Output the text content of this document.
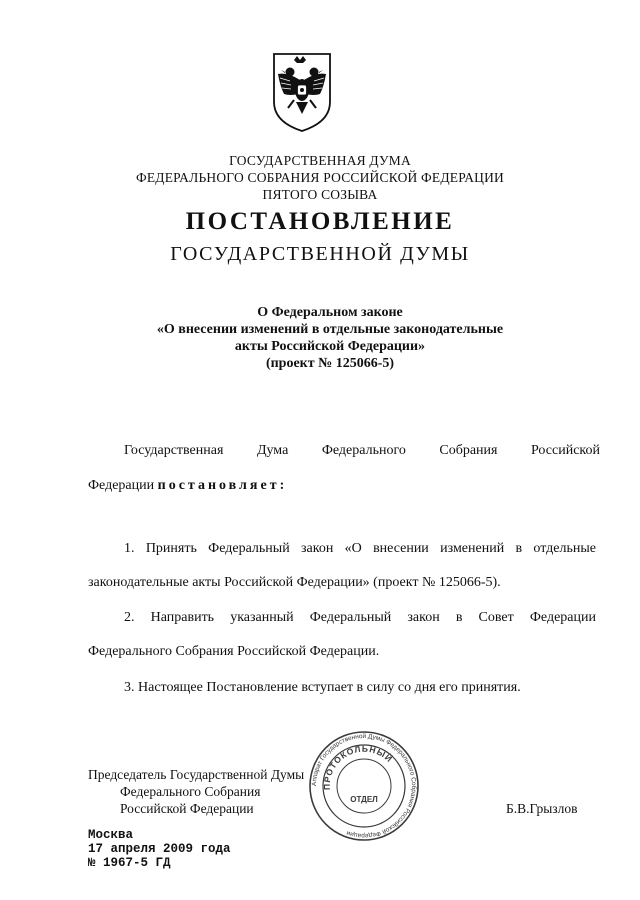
ГОСУДАРСТВЕННАЯ ДУМА
ФЕДЕРАЛЬНОГО СОБРАНИЯ РОССИЙСКОЙ ФЕДЕРАЦИИ
ПЯТОГО СОЗЫВА
ПОСТАНОВЛЕНИЕ
ГОСУДАРСТВЕННОЙ ДУМЫ
О Федеральном законе
«О внесении изменений в отдельные законодательные
акты Российской Федерации»
(проект № 125066-5)
Государственная Дума Федерального Собрания Российской
Федерации постановляет:
1. Принять Федеральный закон «О внесении изменений в отдельные
законодательные акты Российской Федерации» (проект № 125066-5).
2. Направить указанный Федеральный закон в Совет Федерации
Федерального Собрания Российской Федерации.
3. Настоящее Постановление вступает в силу со дня его принятия.
Председатель Государственной Думы
Федерального Собрания
Российской Федерации	Б.В.Грызлов
Аппарат Государственной Думы Федерального Собрания Российской Федерации
ПРОТОКОЛЬНЫЙ
ОТДЕЛ
Москва
17 апреля 2009 года
№ 1967-5 ГД
